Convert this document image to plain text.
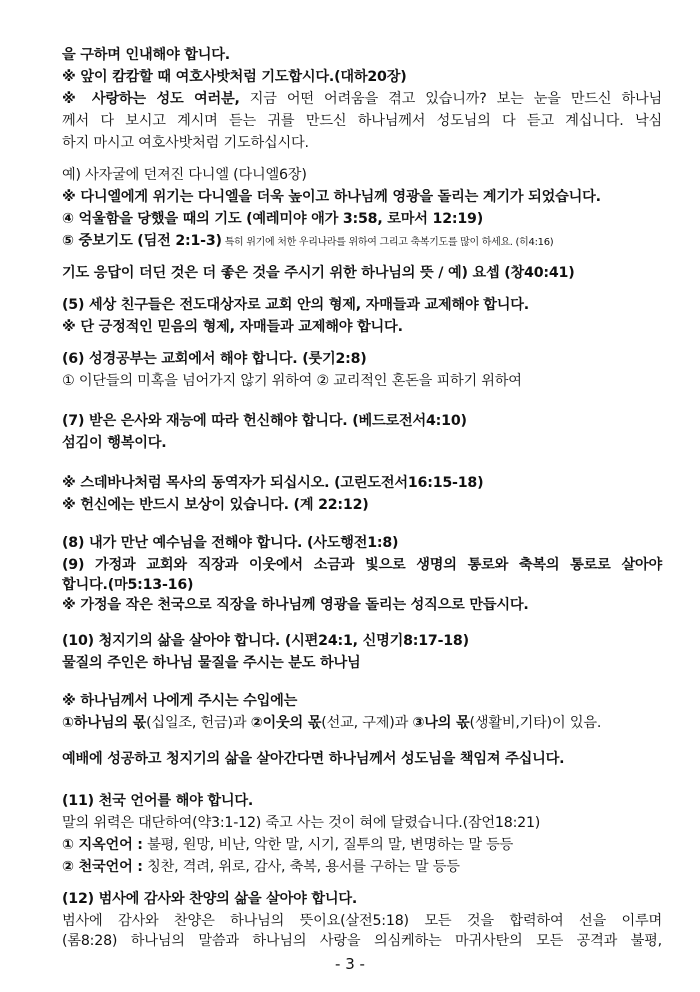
을 구하며 인내해야 합니다.
※ 앞이 캄캄할 때 여호사밧처럼 기도합시다.(대하20장)
※ 사랑하는 성도 여러분, 지금 어떤 어려움을 겪고 있습니까? 보는 눈을 만드신 하나님
께서 다 보시고 계시며 듣는 귀를 만드신 하나님께서 성도님의 다 듣고 계십니다. 낙심
하지 마시고 여호사밧처럼 기도하십시다.
예) 사자굴에 던져진 다니엘 (다니엘6장)
※ 다니엘에게 위기는 다니엘을 더욱 높이고 하나님께 영광을 돌리는 계기가 되었습니다.
④ 억울함을 당했을 때의 기도 (예레미야 애가 3:58, 로마서 12:19)
⑤ 중보기도 (딤전 2:1-3) 특히 위기에 처한 우리나라를 위하여 그리고 축복기도를 많이 하세요. (히4:16)
기도 응답이 더딘 것은 더 좋은 것을 주시기 위한 하나님의 뜻 / 예) 요셉 (창40:41)
(5) 세상 친구들은 전도대상자로 교회 안의 형제, 자매들과 교제해야 합니다.
※ 단 긍정적인 믿음의 형제, 자매들과 교제해야 합니다.
(6) 성경공부는 교회에서 해야 합니다. (룻기2:8)
① 이단들의 미혹을 넘어가지 않기 위하여 ② 교리적인 혼돈을 피하기 위하여
(7) 받은 은사와 재능에 따라 헌신해야 합니다. (베드로전서4:10)
섬김이 행복이다.
※ 스데바나처럼 목사의 동역자가 되십시오. (고린도전서16:15-18)
※ 헌신에는 반드시 보상이 있습니다. (계 22:12)
(8) 내가 만난 예수님을 전해야 합니다. (사도행전1:8)
(9) 가정과 교회와 직장과 이웃에서 소금과 빛으로 생명의 통로와 축복의 통로로 살아야
합니다.(마5:13-16)
※ 가정을 작은 천국으로 직장을 하나님께 영광을 돌리는 성직으로 만듭시다.
(10) 청지기의 삶을 살아야 합니다. (시편24:1, 신명기8:17-18)
물질의 주인은 하나님 물질을 주시는 분도 하나님
※ 하나님께서 나에게 주시는 수입에는
①하나님의 몫(십일조, 헌금)과 ②이웃의 몫(선교, 구제)과 ③나의 몫(생활비,기타)이 있음.
예배에 성공하고 청지기의 삶을 살아간다면 하나님께서 성도님을 책임져 주십니다.
(11) 천국 언어를 해야 합니다.
말의 위력은 대단하여(약3:1-12) 죽고 사는 것이 혀에 달렸습니다.(잠언18:21)
① 지옥언어 : 불평, 원망, 비난, 악한 말, 시기, 질투의 말, 변명하는 말 등등
② 천국언어 : 칭찬, 격려, 위로, 감사, 축복, 용서를 구하는 말 등등
(12) 범사에 감사와 찬양의 삶을 살아야 합니다.
범사에 감사와 찬양은 하나님의 뜻이요(살전5:18) 모든 것을 합력하여 선을 이루며
(롬8:28) 하나님의 말씀과 하나님의 사랑을 의심케하는 마귀사탄의 모든 공격과 불평,
- 3 -
